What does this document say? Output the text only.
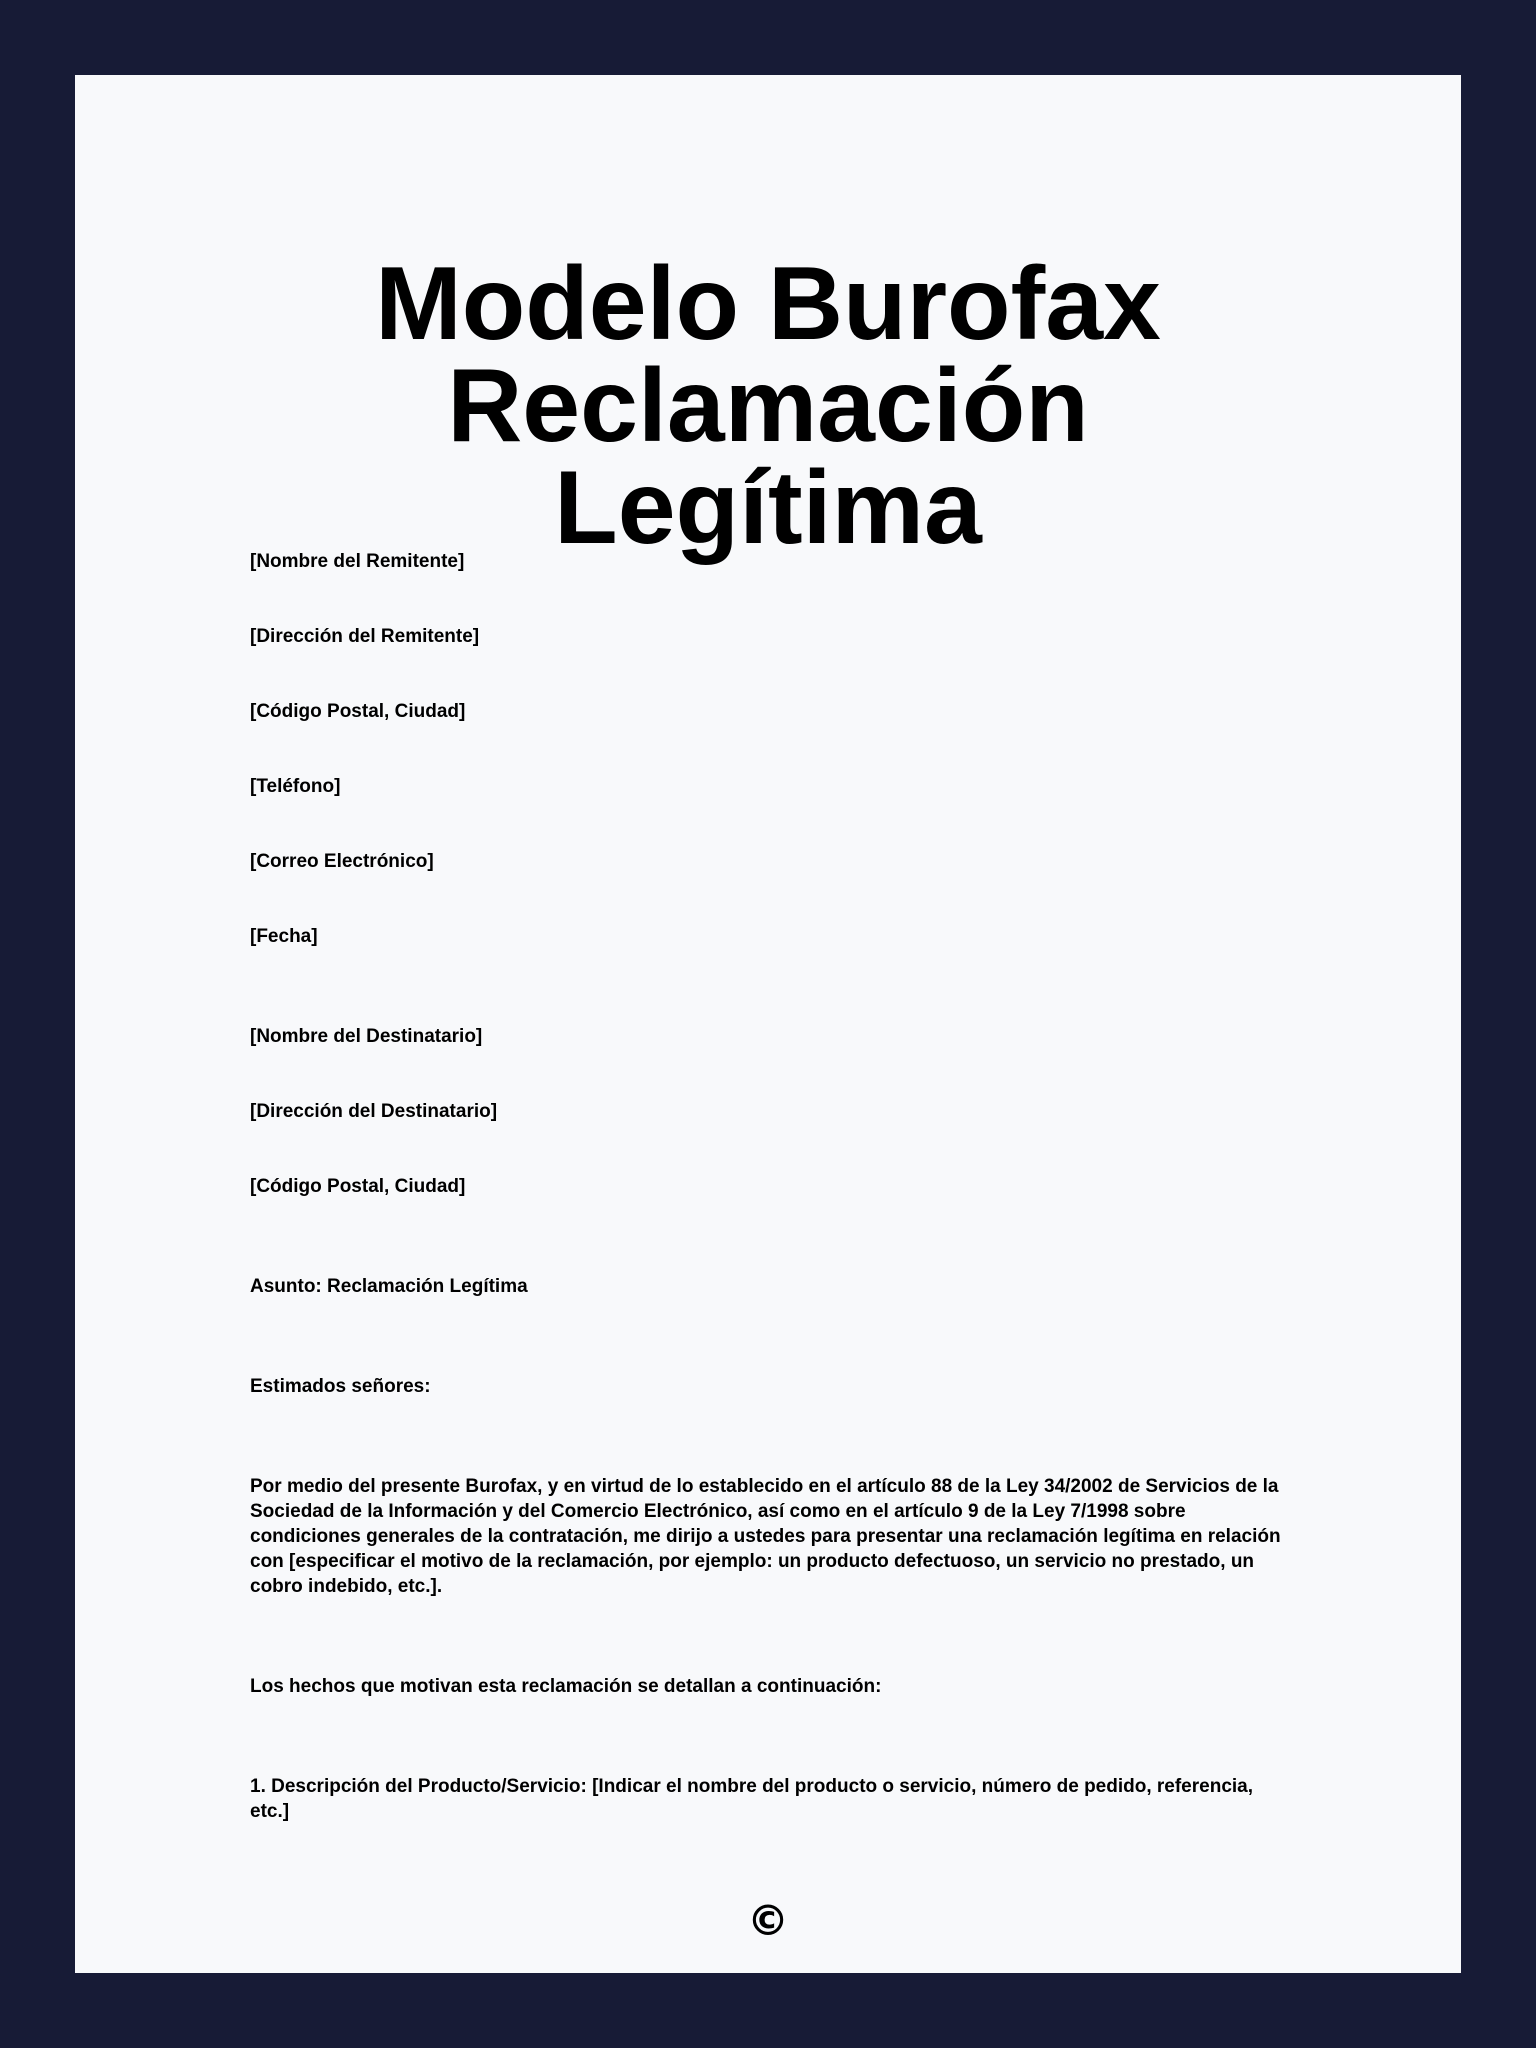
Modelo Burofax Reclamación
Legítima

[Nombre del Remitente]

[Dirección del Remitente]

[Código Postal, Ciudad]

[Teléfono]

[Correo Electrónico]

[Fecha]

[Nombre del Destinatario]

[Dirección del Destinatario]

[Código Postal, Ciudad]

Asunto: Reclamación Legítima

Estimados señores:

Por medio del presente Burofax, y en virtud de lo establecido en el artículo 88 de la Ley 34/2002 de Servicios de la Sociedad de la Información y del Comercio Electrónico, así como en el artículo 9 de la Ley 7/1998 sobre condiciones generales de la contratación, me dirijo a ustedes para presentar una reclamación legítima en relación con [especificar el motivo de la reclamación, por ejemplo: un producto defectuoso, un servicio no prestado, un cobro indebido, etc.].

Los hechos que motivan esta reclamación se detallan a continuación:

1. Descripción del Producto/Servicio: [Indicar el nombre del producto o servicio, número de pedido, referencia, etc.]

©
